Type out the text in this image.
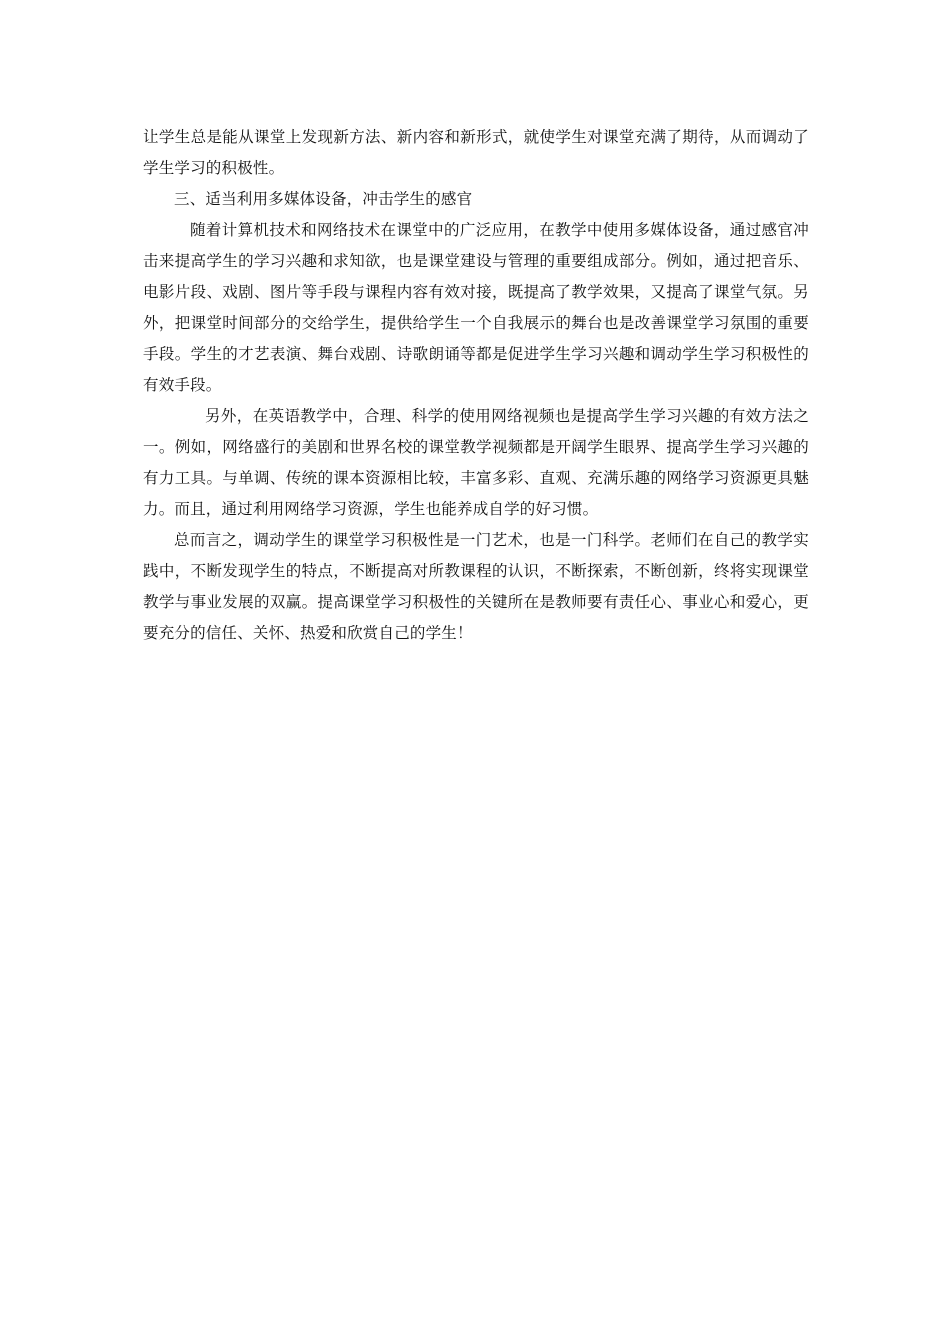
让学生总是能从课堂上发现新方法、新内容和新形式，就使学生对课堂充满了期待，从而调动了学生学习的积极性。

三、适当利用多媒体设备，冲击学生的感官

随着计算机技术和网络技术在课堂中的广泛应用，在教学中使用多媒体设备，通过感官冲击来提高学生的学习兴趣和求知欲，也是课堂建设与管理的重要组成部分。例如，通过把音乐、电影片段、戏剧、图片等手段与课程内容有效对接，既提高了教学效果，又提高了课堂气氛。另外，把课堂时间部分的交给学生，提供给学生一个自我展示的舞台也是改善课堂学习氛围的重要手段。学生的才艺表演、舞台戏剧、诗歌朗诵等都是促进学生学习兴趣和调动学生学习积极性的有效手段。

另外，在英语教学中，合理、科学的使用网络视频也是提高学生学习兴趣的有效方法之一。例如，网络盛行的美剧和世界名校的课堂教学视频都是开阔学生眼界、提高学生学习兴趣的有力工具。与单调、传统的课本资源相比较，丰富多彩、直观、充满乐趣的网络学习资源更具魅力。而且，通过利用网络学习资源，学生也能养成自学的好习惯。

总而言之，调动学生的课堂学习积极性是一门艺术，也是一门科学。老师们在自己的教学实践中，不断发现学生的特点，不断提高对所教课程的认识，不断探索，不断创新，终将实现课堂教学与事业发展的双赢。提高课堂学习积极性的关键所在是教师要有责任心、事业心和爱心，更要充分的信任、关怀、热爱和欣赏自己的学生！
